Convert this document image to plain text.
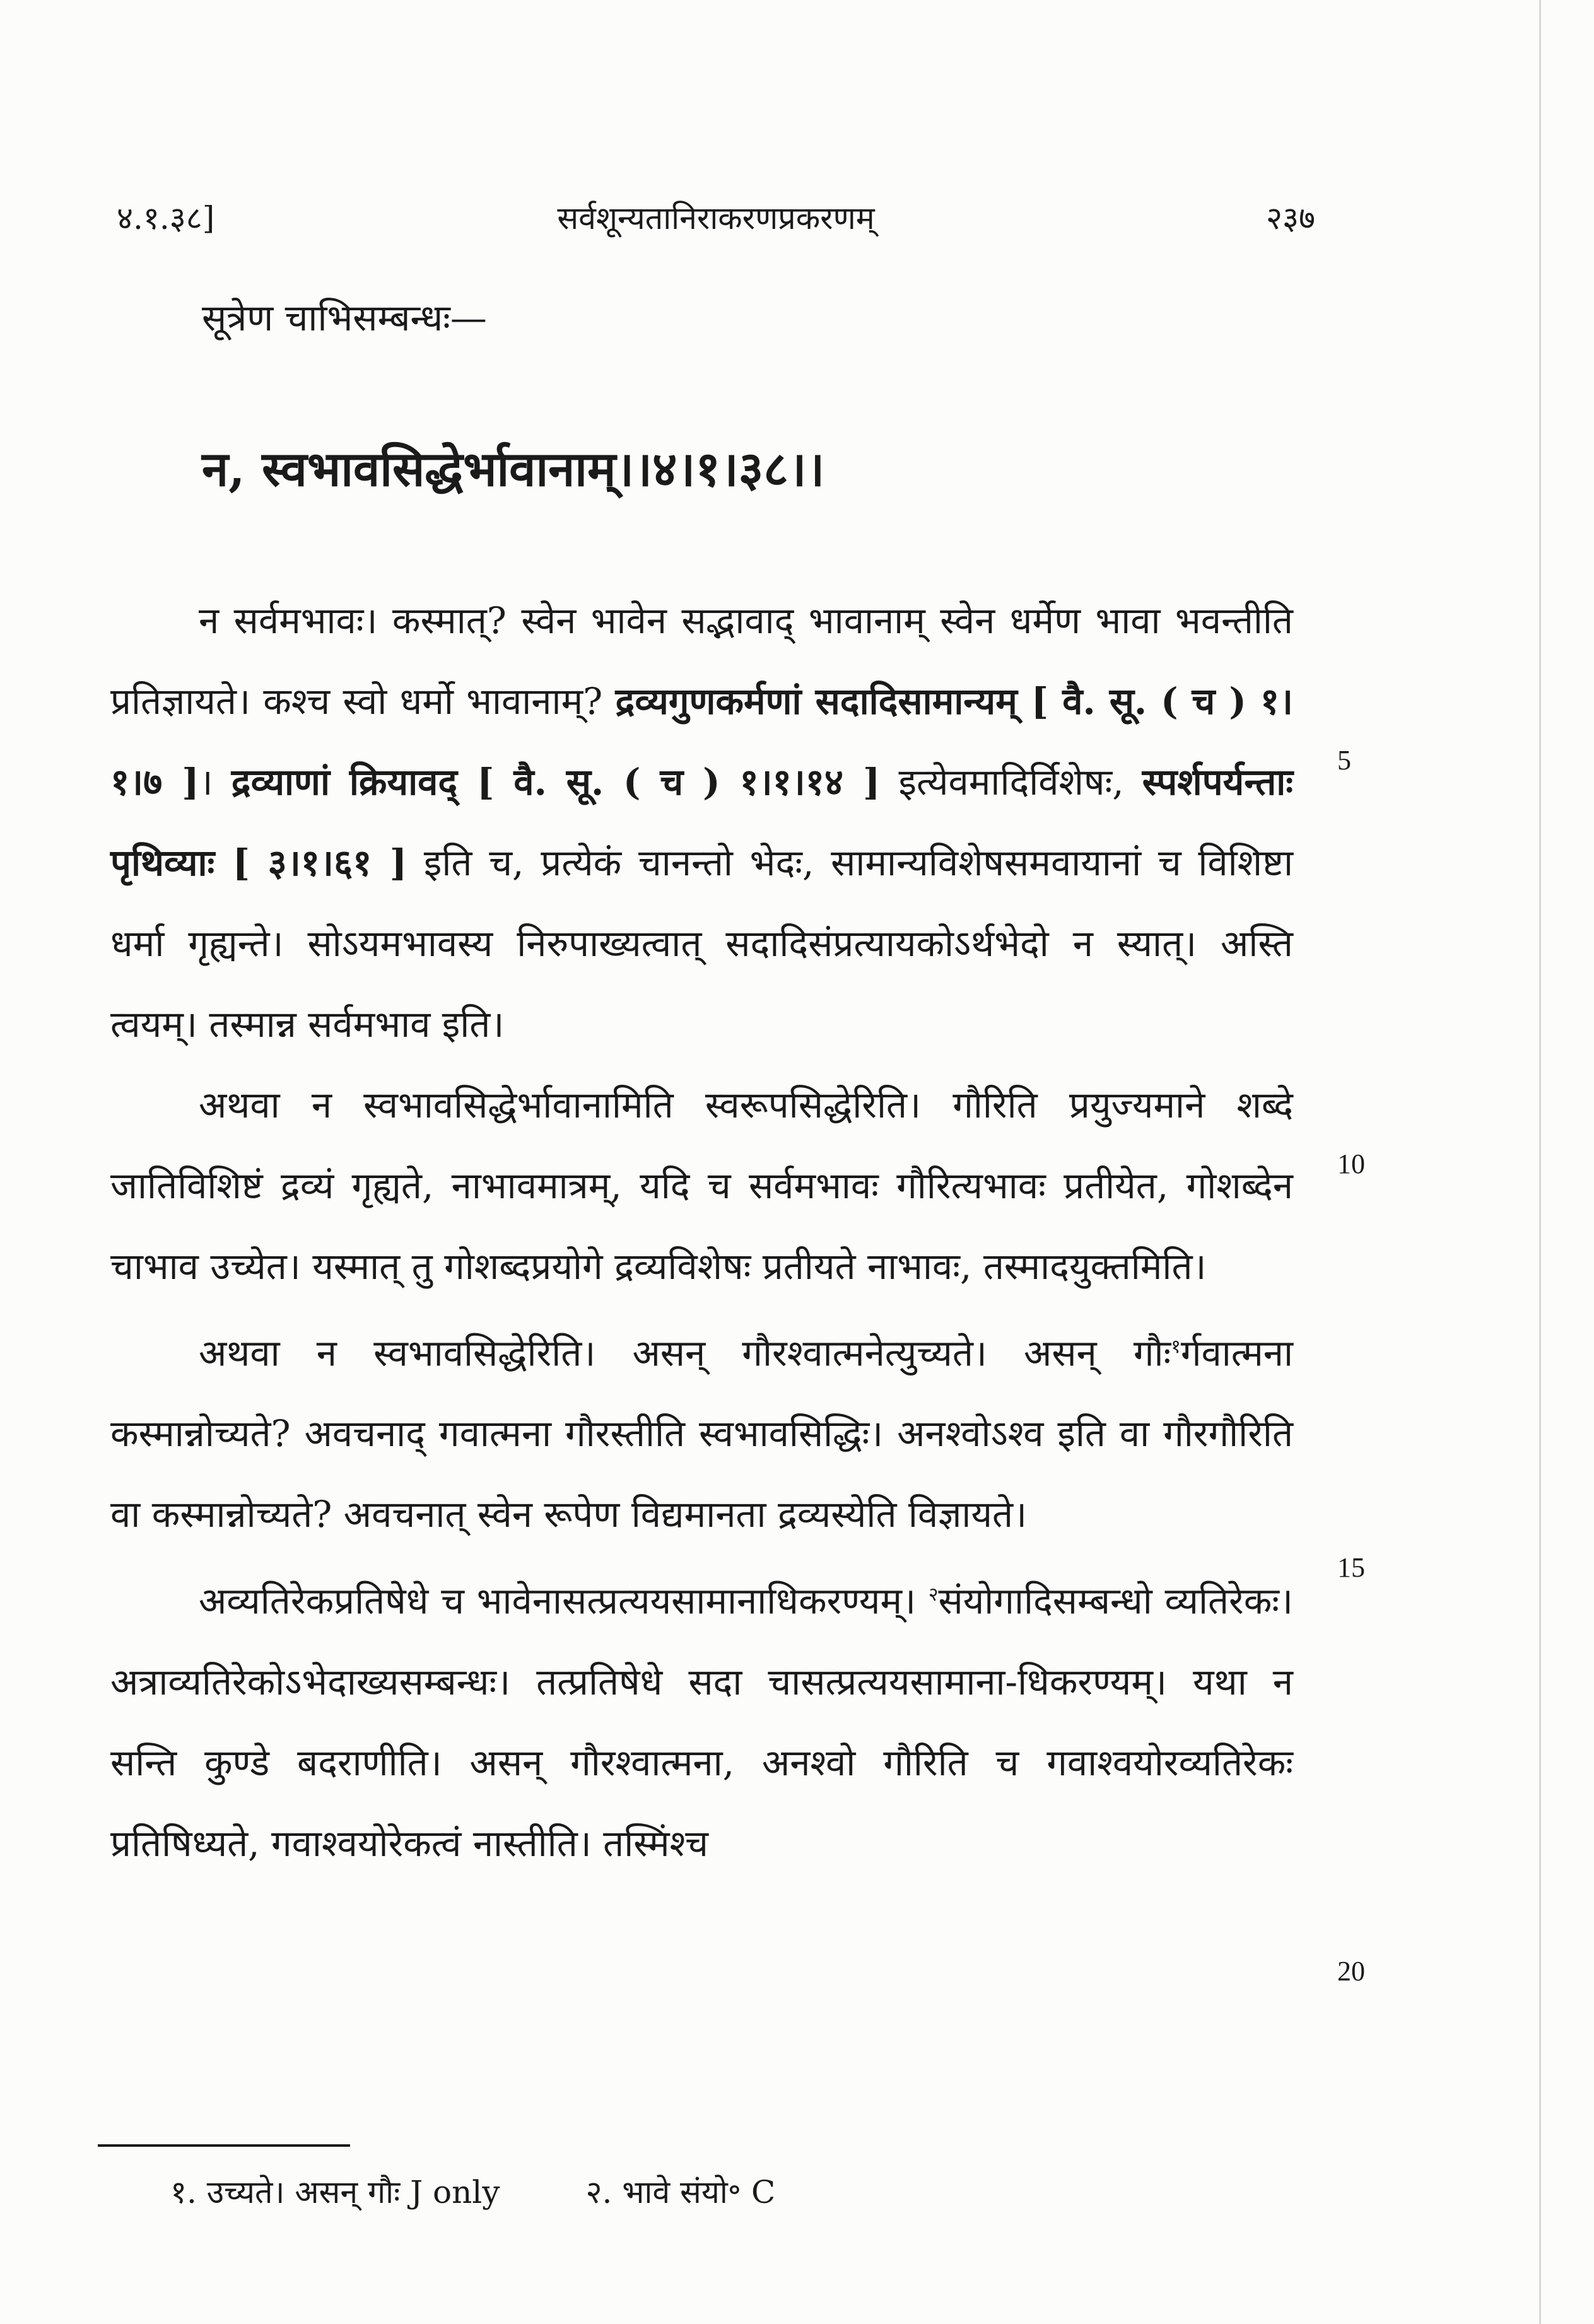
४.१.३८]	सर्वशून्यतानिराकरणप्रकरणम्	२३७
सूत्रेण चाभिसम्बन्धः—
न, स्वभावसिद्धेर्भावानाम्।।४।१।३८।।

न सर्वमभावः। कस्मात्? स्वेन भावेन सद्भावाद् भावानाम् स्वेन धर्मेण भावा भवन्तीति प्रतिज्ञायते। कश्च स्वो धर्मो भावानाम्? द्रव्यगुणकर्मणां सदादिसामान्यम् [ वै. सू. ( च ) १।१।७ ]। द्रव्याणां क्रियावद् [ वै. सू. ( च ) १।१।१४ ] इत्येवमादिर्विशेषः, स्पर्शपर्यन्ताः पृथिव्याः [ ३।१।६१ ] इति च, प्रत्येकं चानन्तो भेदः, सामान्यविशेषसमवायानां च विशिष्टा धर्मा गृह्यन्ते। सोऽयमभावस्य निरुपाख्यत्वात् सदादिसंप्रत्यायकोऽर्थभेदो न स्यात्। अस्ति त्वयम्। तस्मान्न सर्वमभाव इति।

अथवा न स्वभावसिद्धेर्भावानामिति स्वरूपसिद्धेरिति। गौरिति प्रयुज्यमाने शब्दे जातिविशिष्टं द्रव्यं गृह्यते, नाभावमात्रम्, यदि च सर्वमभावः गौरित्यभावः प्रतीयेत, गोशब्देन चाभाव उच्येत। यस्मात् तु गोशब्दप्रयोगे द्रव्यविशेषः प्रतीयते नाभावः, तस्मादयुक्तमिति।

अथवा न स्वभावसिद्धेरिति। असन् गौरश्वात्मनेत्युच्यते। असन् गौः$^१$र्गवात्मना कस्मान्नोच्यते? अवचनाद् गवात्मना गौरस्तीति स्वभावसिद्धिः। अनश्वोऽश्व इति वा गौरगौरिति वा कस्मान्नोच्यते? अवचनात् स्वेन रूपेण विद्यमानता द्रव्यस्येति विज्ञायते।

अव्यतिरेकप्रतिषेधे च भावेनासत्प्रत्ययसामानाधिकरण्यम्। $^२$संयोगादिसम्बन्धो व्यतिरेकः। अत्राव्यतिरेकोऽभेदाख्यसम्बन्धः। तत्प्रतिषेधे सदा चासत्प्रत्ययसामाना-धिकरण्यम्। यथा न सन्ति कुण्डे बदराणीति। असन् गौरश्वात्मना, अनश्वो गौरिति च गवाश्वयोरव्यतिरेकः प्रतिषिध्यते, गवाश्वयोरेकत्वं नास्तीति। तस्मिंश्च

5
10
15
20
१. उच्यते। असन् गौः J only	२. भावे संयो॰ C
